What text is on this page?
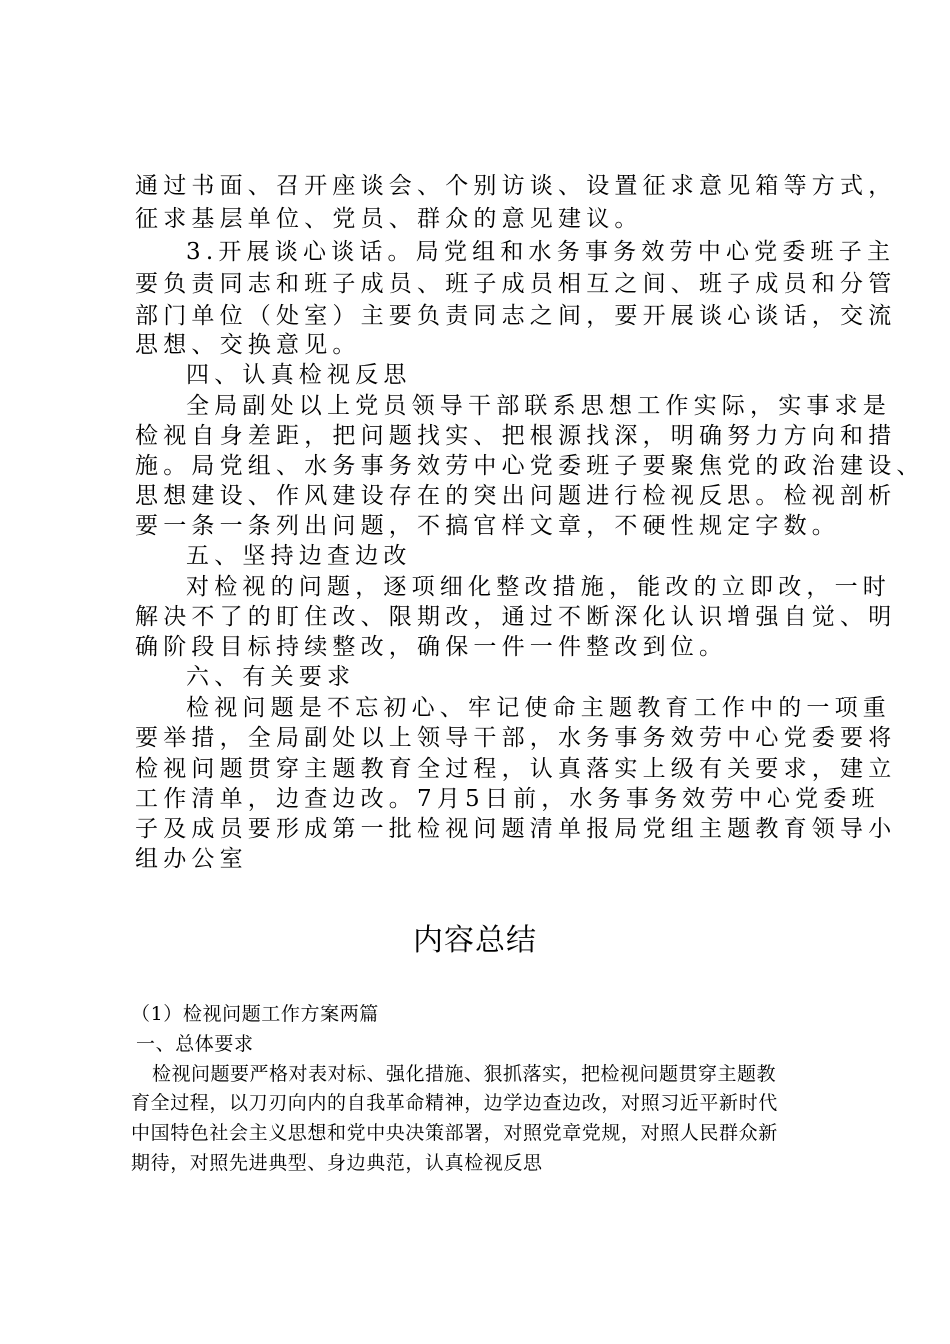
通过书面、召开座谈会、个别访谈、设置征求意见箱等方式，
征求基层单位、党员、群众的意见建议。
3.开展谈心谈话。局党组和水务事务效劳中心党委班子主
要负责同志和班子成员、班子成员相互之间、班子成员和分管
部门单位（处室）主要负责同志之间，要开展谈心谈话，交流
思想、交换意见。
四、认真检视反思
全局副处以上党员领导干部联系思想工作实际，实事求是
检视自身差距，把问题找实、把根源找深，明确努力方向和措
施。局党组、水务事务效劳中心党委班子要聚焦党的政治建设、
思想建设、作风建设存在的突出问题进行检视反思。检视剖析
要一条一条列出问题，不搞官样文章，不硬性规定字数。
五、坚持边查边改
对检视的问题，逐项细化整改措施，能改的立即改，一时
解决不了的盯住改、限期改，通过不断深化认识增强自觉、明
确阶段目标持续整改，确保一件一件整改到位。
六、有关要求
检视问题是不忘初心、牢记使命主题教育工作中的一项重
要举措，全局副处以上领导干部，水务事务效劳中心党委要将
检视问题贯穿主题教育全过程，认真落实上级有关要求，建立
工作清单，边查边改。7月5日前，水务事务效劳中心党委班
子及成员要形成第一批检视问题清单报局党组主题教育领导小
组办公室
内容总结
（1）检视问题工作方案两篇
一、总体要求
检视问题要严格对表对标、强化措施、狠抓落实，把检视问题贯穿主题教
育全过程，以刀刃向内的自我革命精神，边学边查边改，对照习近平新时代
中国特色社会主义思想和党中央决策部署，对照党章党规，对照人民群众新
期待，对照先进典型、身边典范，认真检视反思
